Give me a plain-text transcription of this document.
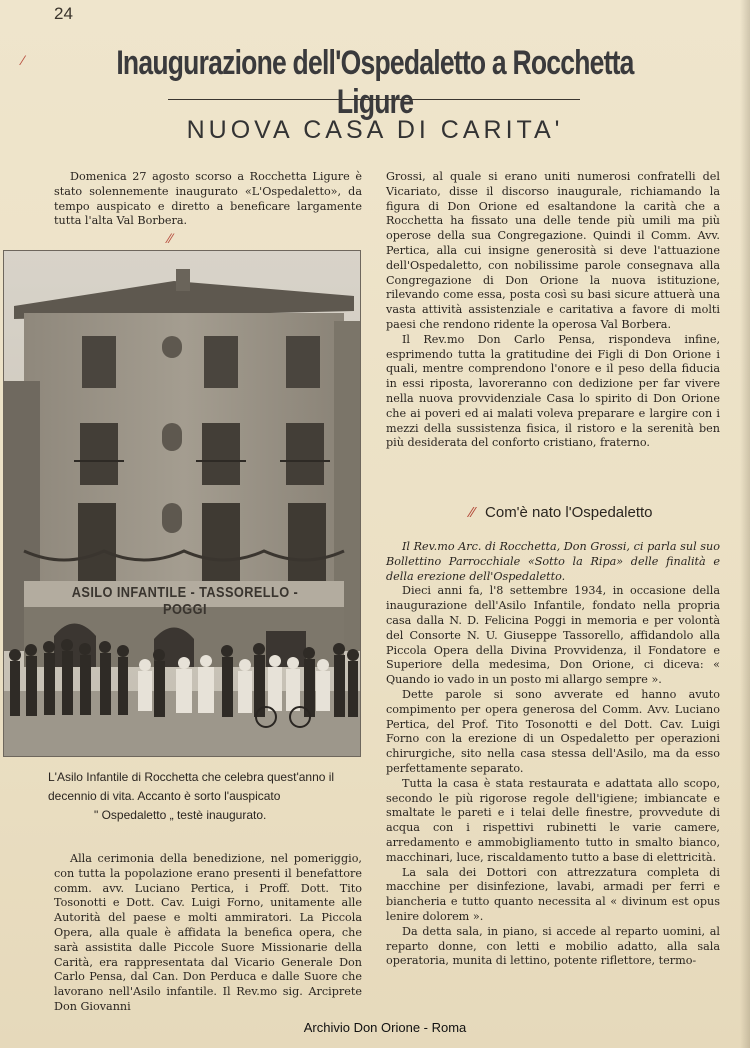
24
⁄	Inaugurazione dell'Ospedaletto a Rocchetta Ligure
NUOVA CASA DI CARITA'

Domenica 27 agosto scorso a Rocchetta Ligure è stato solennemente inaugurato «L'Ospedaletto», da tempo auspicato e diretto a beneficare largamente tutta l'alta Val Borbera.

⁄⁄
ASILO INFANTILE - TASSORELLO - POGGI
L'Asilo Infantile di Rocchetta che celebra quest'anno il decennio di vita. Accanto è sorto l'auspicato
" Ospedaletto „ testè inaugurato.

Alla cerimonia della benedizione, nel pomeriggio, con tutta la popolazione erano presenti il benefattore comm. avv. Luciano Pertica, i Proff. Dott. Tito Tosonotti e Dott. Cav. Luigi Forno, unitamente alle Autorità del paese e molti ammiratori. La Piccola Opera, alla quale è affidata la benefica opera, che sarà assistita dalle Piccole Suore Missionarie della Carità, era rappresentata dal Vicario Generale Don Carlo Pensa, dal Can. Don Perduca e dalle Suore che lavorano nell'Asilo infantile. Il Rev.mo sig. Arciprete Don Giovanni

Grossi, al quale si erano uniti numerosi confratelli del Vicariato, disse il discorso inaugurale, richiamando la figura di Don Orione ed esaltandone la carità che a Rocchetta ha fissato una delle tende più umili ma più operose della sua Congregazione. Quindi il Comm. Avv. Pertica, alla cui insigne generosità si deve l'attuazione dell'Ospedaletto, con nobilissime parole consegnava alla Congregazione di Don Orione la nuova istituzione, rilevando come essa, posta così su basi sicure attuerà una vasta attività assistenziale e caritativa a favore di molti paesi che rendono ridente la operosa Val Borbera.

Il Rev.mo Don Carlo Pensa, rispondeva infine, esprimendo tutta la gratitudine dei Figli di Don Orione i quali, mentre comprendono l'onore e il peso della fiducia in essi riposta, lavoreranno con dedizione per far vivere nella nuova provvidenziale Casa lo spirito di Don Orione che ai poveri ed ai malati voleva preparare e largire con i mezzi della sussistenza fisica, il ristoro e la serenità ben più desiderata del conforto cristiano, fraterno.

⁄⁄ Com'è nato l'Ospedaletto

Il Rev.mo Arc. di Rocchetta, Don Grossi, ci parla sul suo Bollettino Parrocchiale «Sotto la Ripa» delle finalità e della erezione dell'Ospedaletto.

Dieci anni fa, l'8 settembre 1934, in occasione della inaugurazione dell'Asilo Infantile, fondato nella propria casa dalla N. D. Felicina Poggi in memoria e per volontà del Consorte N. U. Giuseppe Tassorello, affidandolo alla Piccola Opera della Divina Provvidenza, il Fondatore e Superiore della medesima, Don Orione, ci diceva: « Quando io vado in un posto mi allargo sempre ».

Dette parole si sono avverate ed hanno avuto compimento per opera generosa del Comm. Avv. Luciano Pertica, del Prof. Tito Tosonotti e del Dott. Cav. Luigi Forno con la erezione di un Ospedaletto per operazioni chirurgiche, sito nella casa stessa dell'Asilo, ma da esso perfettamente separato.

Tutta la casa è stata restaurata e adattata allo scopo, secondo le più rigorose regole dell'igiene; imbiancate e smaltate le pareti e i telai delle finestre, provvedute di acqua con i rispettivi rubinetti le varie camere, arredamento e ammobigliamento tutto in smalto bianco, macchinari, luce, riscaldamento tutto a base di elettricità.

La sala dei Dottori con attrezzatura completa di macchine per disinfezione, lavabi, armadi per ferri e biancheria e tutto quanto necessita al « divinum est opus lenire dolorem ».

Da detta sala, in piano, si accede al reparto uomini, al reparto donne, con letti e mobilio adatto, alla sala operatoria, munita di lettino, potente riflettore, termo-

Archivio Don Orione - Roma
